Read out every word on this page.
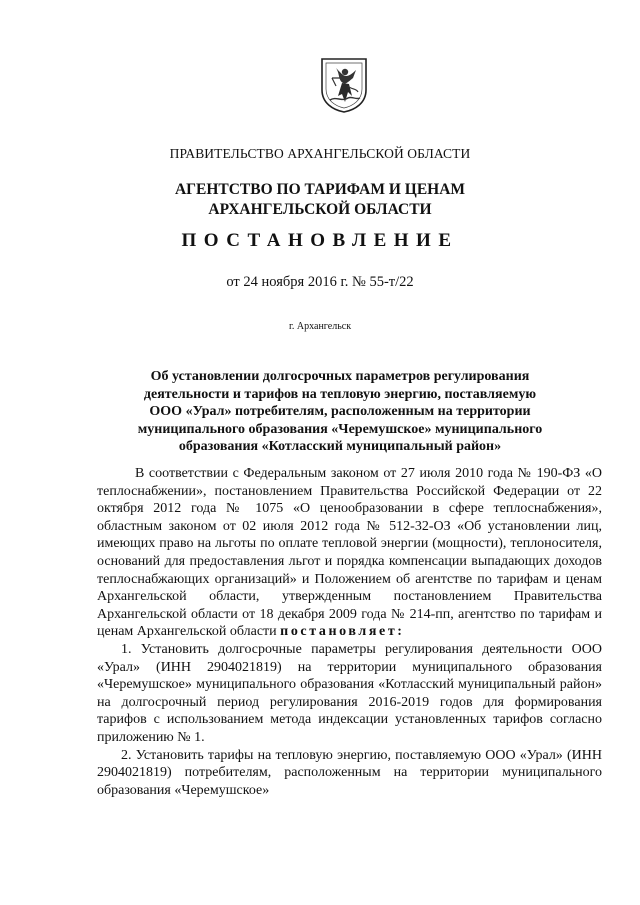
ПРАВИТЕЛЬСТВО АРХАНГЕЛЬСКОЙ ОБЛАСТИ
АГЕНТСТВО ПО ТАРИФАМ И ЦЕНАМ
АРХАНГЕЛЬСКОЙ ОБЛАСТИ
ПОСТАНОВЛЕНИЕ
от 24 ноября 2016 г. № 55-т/22
г. Архангельск
Об установлении долгосрочных параметров регулирования
деятельности и тарифов на тепловую энергию, поставляемую
ООО «Урал» потребителям, расположенным на территории
муниципального образования «Черемушское» муниципального
образования «Котласский муниципальный район»

В соответствии с Федеральным законом от 27 июля 2010 года № 190-ФЗ «О теплоснабжении», постановлением Правительства Российской Федерации от 22 октября 2012 года № 1075 «О ценообразовании в сфере теплоснабжения», областным законом от 02 июля 2012 года № 512-32-ОЗ «Об установлении лиц, имеющих право на льготы по оплате тепловой энергии (мощности), теплоносителя, оснований для предоставления льгот и порядка компенсации выпадающих доходов теплоснабжающих организаций» и Положением об агентстве по тарифам и ценам Архангельской области, утвержденным постановлением Правительства Архангельской области от 18 декабря 2009 года № 214-пп, агентство по тарифам и ценам Архангельской области постановляет:

1. Установить долгосрочные параметры регулирования деятельности ООО «Урал» (ИНН 2904021819) на территории муниципального образования «Черемушское» муниципального образования «Котласский муниципальный район» на долгосрочный период регулирования 2016-2019 годов для формирования тарифов с использованием метода индексации установленных тарифов согласно приложению № 1.

2. Установить тарифы на тепловую энергию, поставляемую ООО «Урал» (ИНН 2904021819) потребителям, расположенным на территории муниципального образования «Черемушское»
